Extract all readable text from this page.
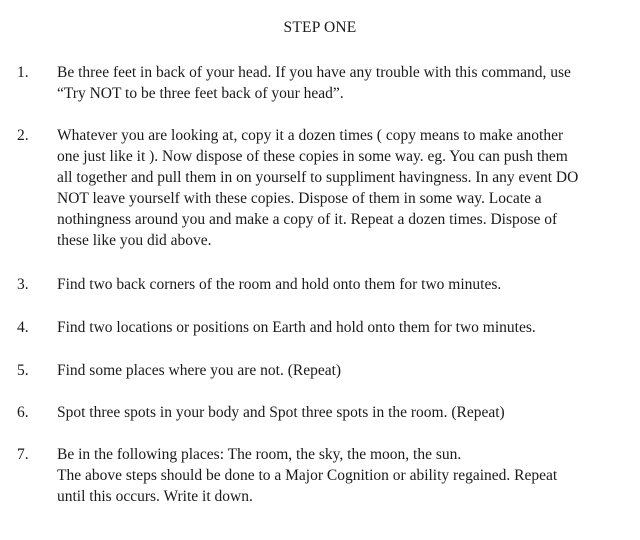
STEP ONE
1.	Be three feet in back of your head. If you have any trouble with this command, use
“Try NOT to be three feet back of your head”.
2.	Whatever you are looking at, copy it a dozen times ( copy means to make another
one just like it ). Now dispose of these copies in some way. eg. You can push them
all together and pull them in on yourself to suppliment havingness. In any event DO
NOT leave yourself with these copies. Dispose of them in some way. Locate a
nothingness around you and make a copy of it. Repeat a dozen times. Dispose of
these like you did above.
3.	Find two back corners of the room and hold onto them for two minutes.
4.	Find two locations or positions on Earth and hold onto them for two minutes.
5.	Find some places where you are not. (Repeat)
6.	Spot three spots in your body and Spot three spots in the room. (Repeat)
7.	Be in the following places: The room, the sky, the moon, the sun.
The above steps should be done to a Major Cognition or ability regained. Repeat
until this occurs. Write it down.
